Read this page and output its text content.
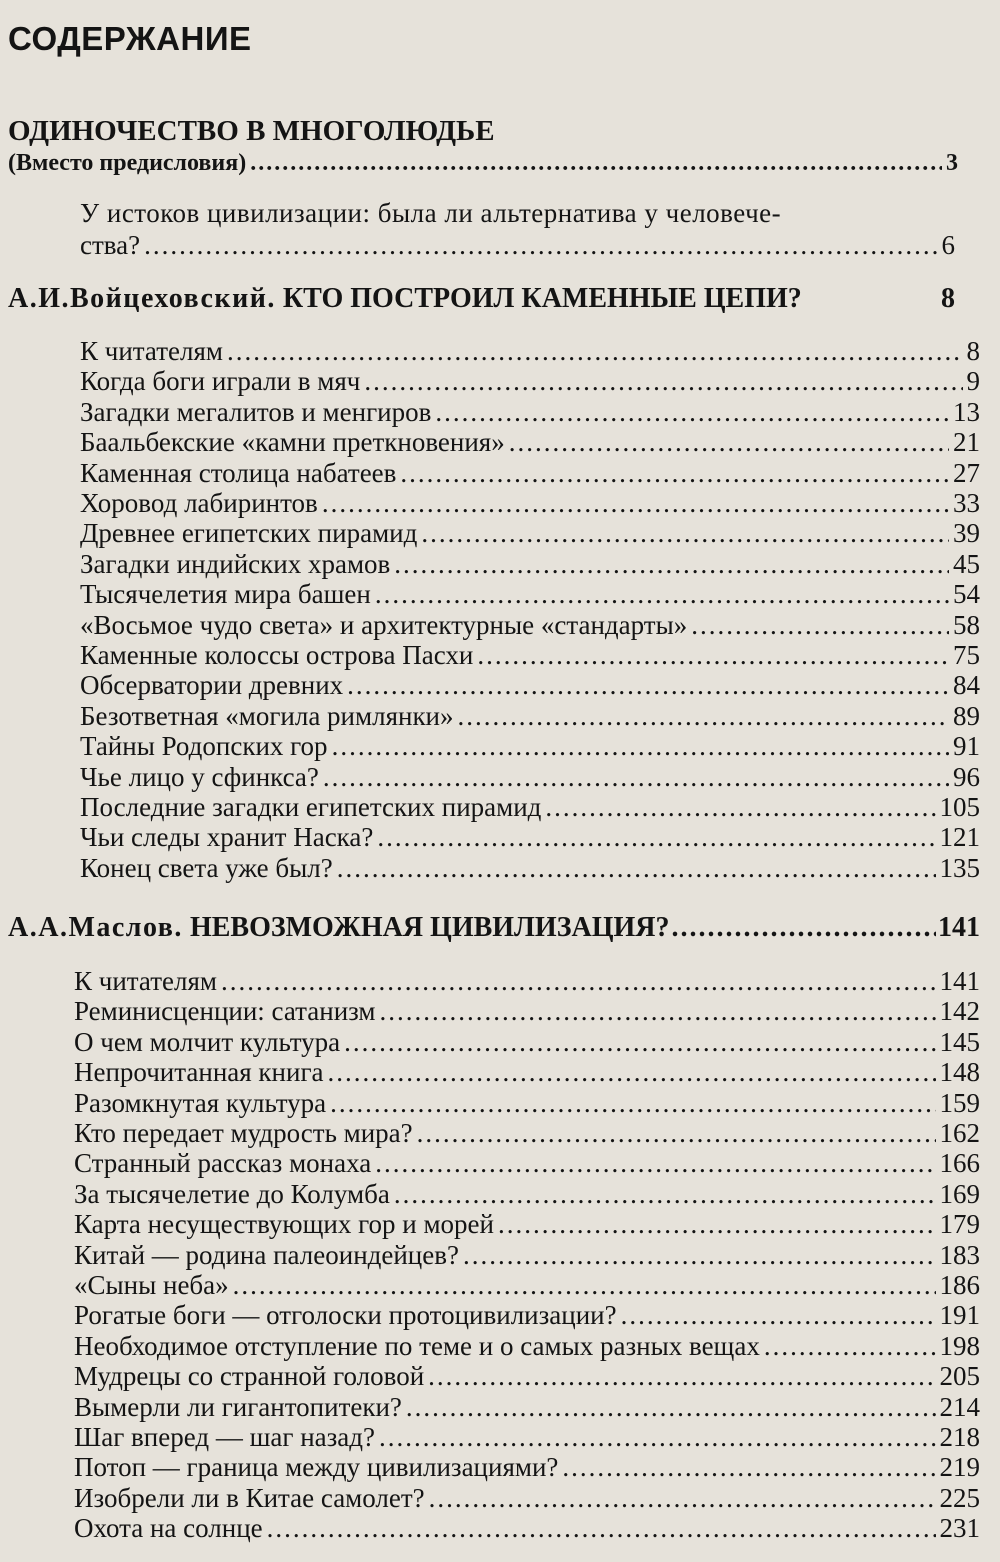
СОДЕРЖАНИЕ
ОДИНОЧЕСТВО В МНОГОЛЮДЬЕ
(Вместо предисловия) .....	3
У истоков цивилизации: была ли альтернатива у человече-
ства? .....	6
А.И.Войцеховский. КТО ПОСТРОИЛ КАМЕННЫЕ ЦЕПИ?	8
К читателям .....	8
Когда боги играли в мяч .....	9
Загадки мегалитов и менгиров .....	13
Баальбекские «камни преткновения» .....	21
Каменная столица набатеев .....	27
Хоровод лабиринтов .....	33
Древнее египетских пирамид .....	39
Загадки индийских храмов .....	45
Тысячелетия мира башен .....	54
«Восьмое чудо света» и архитектурные «стандарты» .....	58
Каменные колоссы острова Пасхи .....	75
Обсерватории древних .....	84
Безответная «могила римлянки» .....	89
Тайны Родопских гор .....	91
Чье лицо у сфинкса? .....	96
Последние загадки египетских пирамид .....	105
Чьи следы хранит Наска? .....	121
Конец света уже был? .....	135
А.А.Маслов. НЕВОЗМОЖНАЯ ЦИВИЛИЗАЦИЯ? .....	141
К читателям .....	141
Реминисценции: сатанизм .....	142
О чем молчит культура .....	145
Непрочитанная книга .....	148
Разомкнутая культура .....	159
Кто передает мудрость мира? .....	162
Странный рассказ монаха .....	166
За тысячелетие до Колумба .....	169
Карта несуществующих гор и морей .....	179
Китай — родина палеоиндейцев? .....	183
«Сыны неба» .....	186
Рогатые боги — отголоски протоцивилизации? .....	191
Необходимое отступление по теме и о самых разных вещах .....	198
Мудрецы со странной головой .....	205
Вымерли ли гигантопитеки? .....	214
Шаг вперед — шаг назад? .....	218
Потоп — граница между цивилизациями? .....	219
Изобрели ли в Китае самолет? .....	225
Охота на солнце .....	231
